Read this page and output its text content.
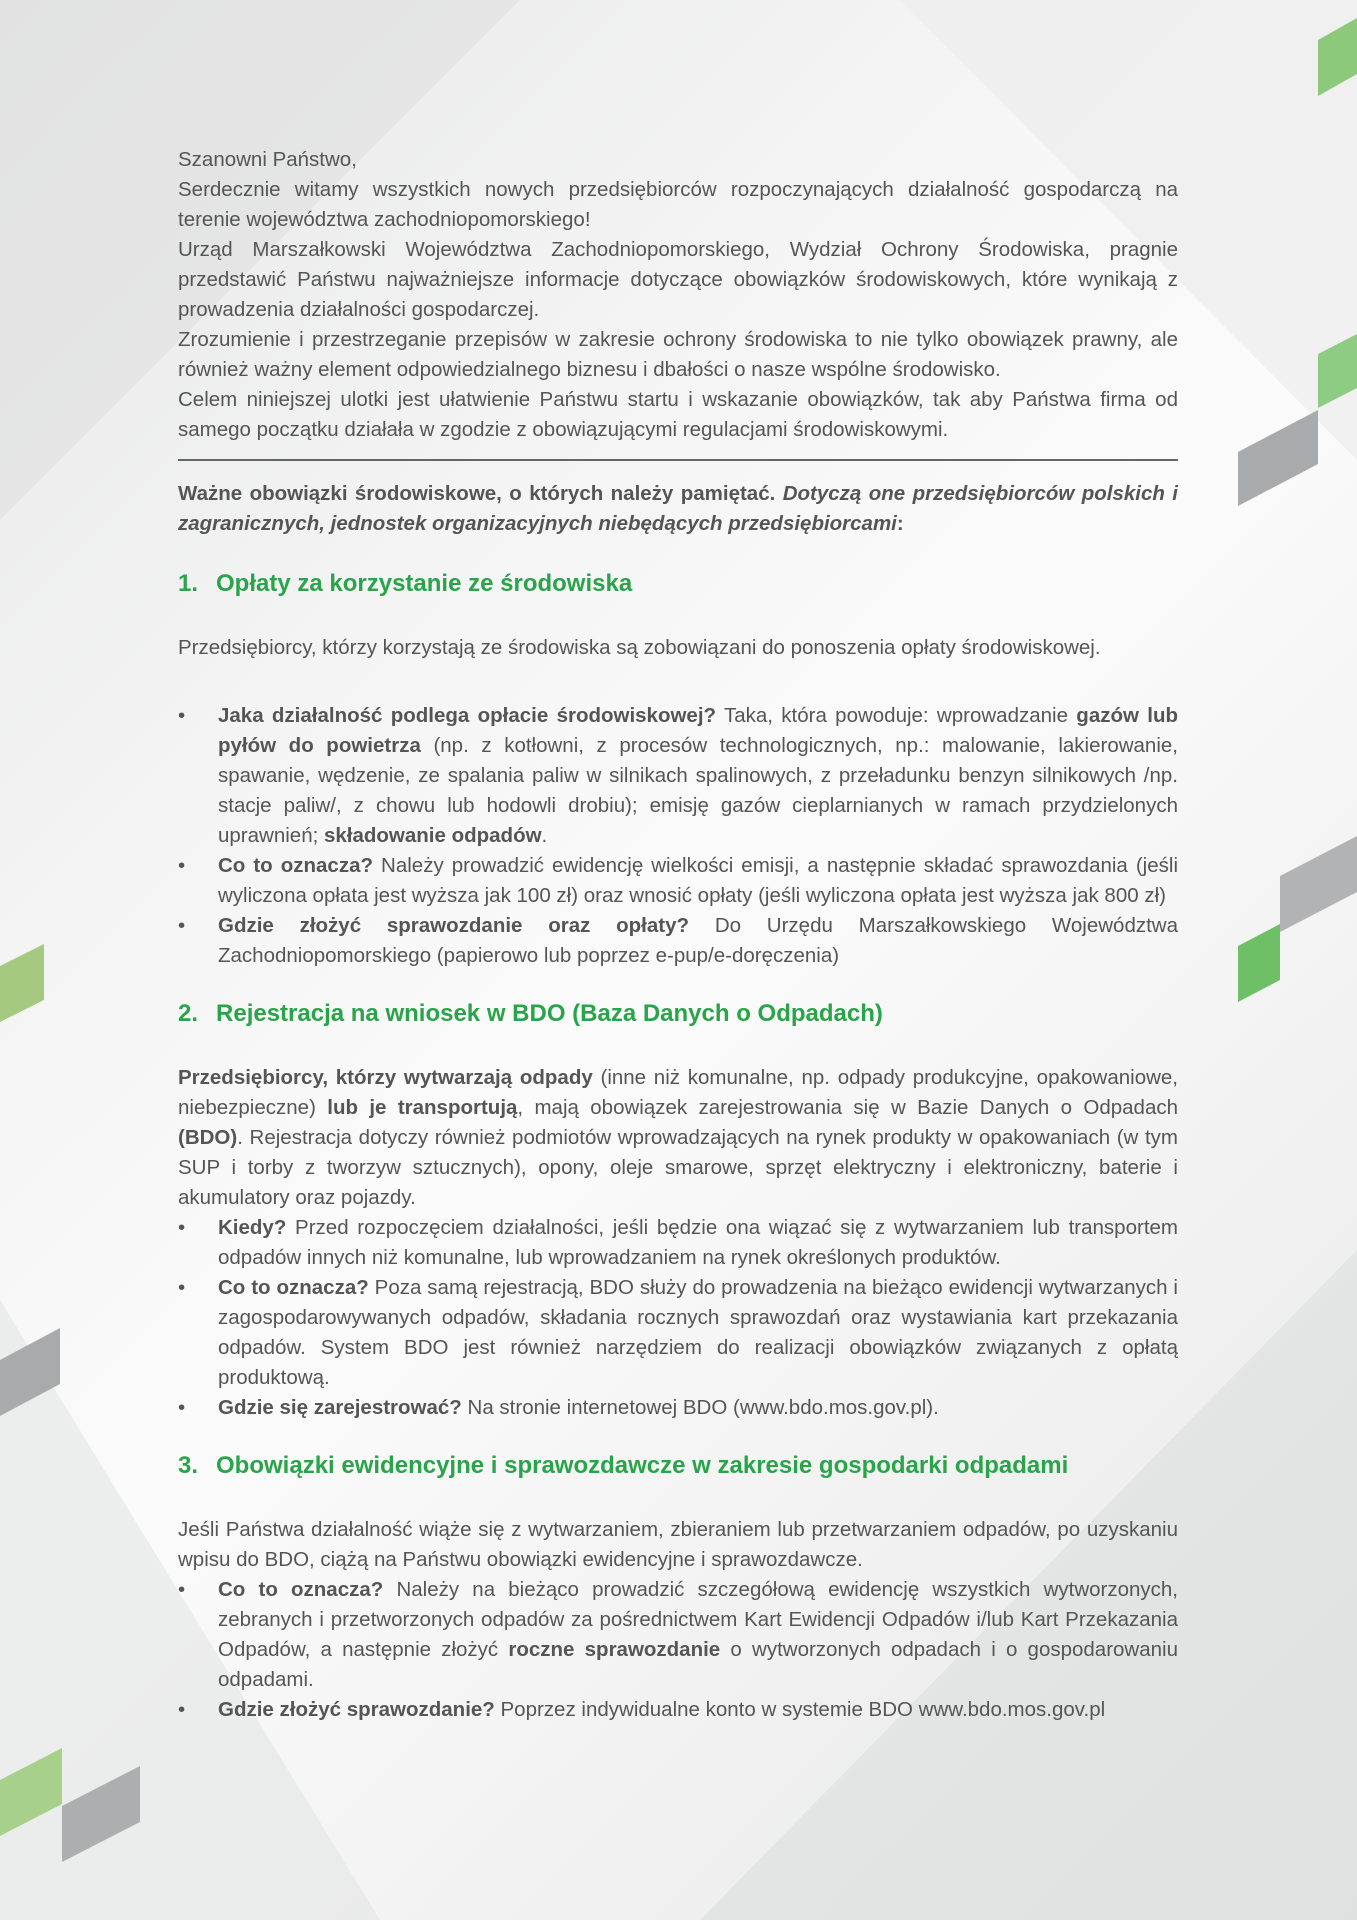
Szanowni Państwo,

Serdecznie witamy wszystkich nowych przedsiębiorców rozpoczynających działalność gospodarczą na terenie województwa zachodniopomorskiego!

Urząd Marszałkowski Województwa Zachodniopomorskiego, Wydział Ochrony Środowiska, pragnie przedstawić Państwu najważniejsze informacje dotyczące obowiązków środowiskowych, które wynikają z prowadzenia działalności gospodarczej.

Zrozumienie i przestrzeganie przepisów w zakresie ochrony środowiska to nie tylko obowiązek prawny, ale również ważny element odpowiedzialnego biznesu i dbałości o nasze wspólne środowisko.

Celem niniejszej ulotki jest ułatwienie Państwu startu i wskazanie obowiązków, tak aby Państwa firma od samego początku działała w zgodzie z obowiązującymi regulacjami środowiskowymi.

Ważne obowiązki środowiskowe, o których należy pamiętać. Dotyczą one przedsiębiorców polskich i zagranicznych, jednostek organizacyjnych niebędących przedsiębiorcami:

1. Opłaty za korzystanie ze środowiska

Przedsiębiorcy, którzy korzystają ze środowiska są zobowiązani do ponoszenia opłaty środowiskowej.

• Jaka działalność podlega opłacie środowiskowej? Taka, która powoduje: wprowadzanie gazów lub pyłów do powietrza (np. z kotłowni, z procesów technologicznych, np.: malowanie, lakierowanie, spawanie, wędzenie, ze spalania paliw w silnikach spalinowych, z przeładunku benzyn silnikowych /np. stacje paliw/, z chowu lub hodowli drobiu); emisję gazów cieplarnianych w ramach przydzielonych uprawnień; składowanie odpadów.
• Co to oznacza? Należy prowadzić ewidencję wielkości emisji, a następnie składać sprawozdania (jeśli wyliczona opłata jest wyższa jak 100 zł) oraz wnosić opłaty (jeśli wyliczona opłata jest wyższa jak 800 zł)
• Gdzie złożyć sprawozdanie oraz opłaty? Do Urzędu Marszałkowskiego Województwa Zachodniopomorskiego (papierowo lub poprzez e-pup/e-doręczenia)
2. Rejestracja na wniosek w BDO (Baza Danych o Odpadach)

Przedsiębiorcy, którzy wytwarzają odpady (inne niż komunalne, np. odpady produkcyjne, opakowaniowe, niebezpieczne) lub je transportują, mają obowiązek zarejestrowania się w Bazie Danych o Odpadach (BDO). Rejestracja dotyczy również podmiotów wprowadzających na rynek produkty w opakowaniach (w tym SUP i torby z tworzyw sztucznych), opony, oleje smarowe, sprzęt elektryczny i elektroniczny, baterie i akumulatory oraz pojazdy.

• Kiedy? Przed rozpoczęciem działalności, jeśli będzie ona wiązać się z wytwarzaniem lub transportem odpadów innych niż komunalne, lub wprowadzaniem na rynek określonych produktów.
• Co to oznacza? Poza samą rejestracją, BDO służy do prowadzenia na bieżąco ewidencji wytwarzanych i zagospodarowywanych odpadów, składania rocznych sprawozdań oraz wystawiania kart przekazania odpadów. System BDO jest również narzędziem do realizacji obowiązków związanych z opłatą produktową.
• Gdzie się zarejestrować? Na stronie internetowej BDO (www.bdo.mos.gov.pl).
3. Obowiązki ewidencyjne i sprawozdawcze w zakresie gospodarki odpadami

Jeśli Państwa działalność wiąże się z wytwarzaniem, zbieraniem lub przetwarzaniem odpadów, po uzyskaniu wpisu do BDO, ciążą na Państwu obowiązki ewidencyjne i sprawozdawcze.

• Co to oznacza? Należy na bieżąco prowadzić szczegółową ewidencję wszystkich wytworzonych, zebranych i przetworzonych odpadów za pośrednictwem Kart Ewidencji Odpadów i/lub Kart Przekazania Odpadów, a następnie złożyć roczne sprawozdanie o wytworzonych odpadach i o gospodarowaniu odpadami.
• Gdzie złożyć sprawozdanie? Poprzez indywidualne konto w systemie BDO www.bdo.mos.gov.pl
